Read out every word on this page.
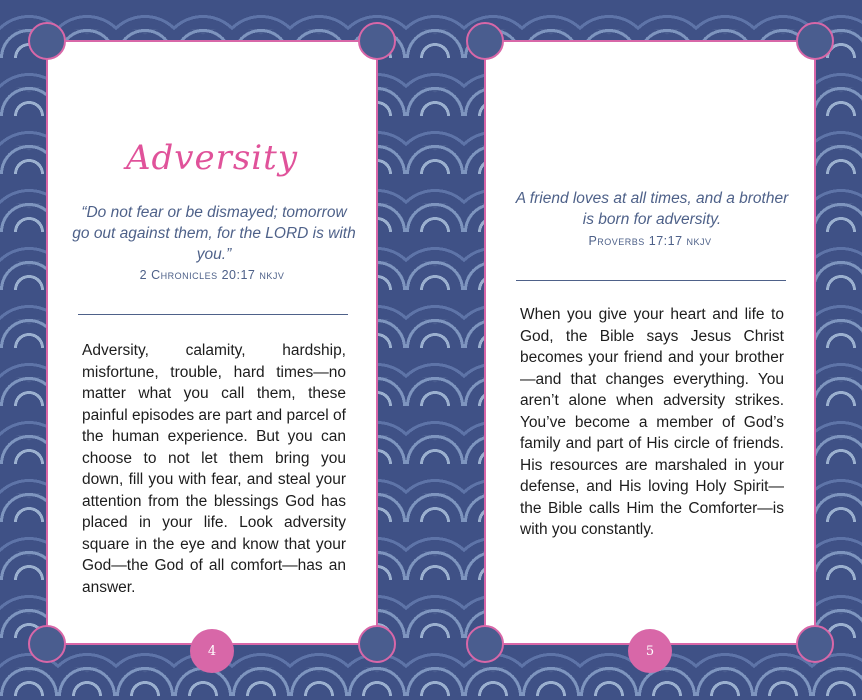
Adversity
“Do not fear or be dismayed; tomorrow go out against them, for the LORD is with you.”
2 Chronicles 20:17 nkjv
Adversity, calamity, hardship, misfortune, trouble, hard times—no matter what you call them, these painful episodes are part and parcel of the human experience. But you can choose to not let them bring you down, fill you with fear, and steal your attention from the blessings God has placed in your life. Look adversity square in the eye and know that your God—the God of all comfort—has an answer.
4
A friend loves at all times, and a brother is born for adversity.
Proverbs 17:17 nkjv
When you give your heart and life to God, the Bible says Jesus Christ becomes your friend and your brother—and that changes everything. You aren’t alone when adversity strikes. You’ve become a member of God’s family and part of His circle of friends. His resources are marshaled in your defense, and His loving Holy Spirit—the Bible calls Him the Comforter—is with you constantly.
5
